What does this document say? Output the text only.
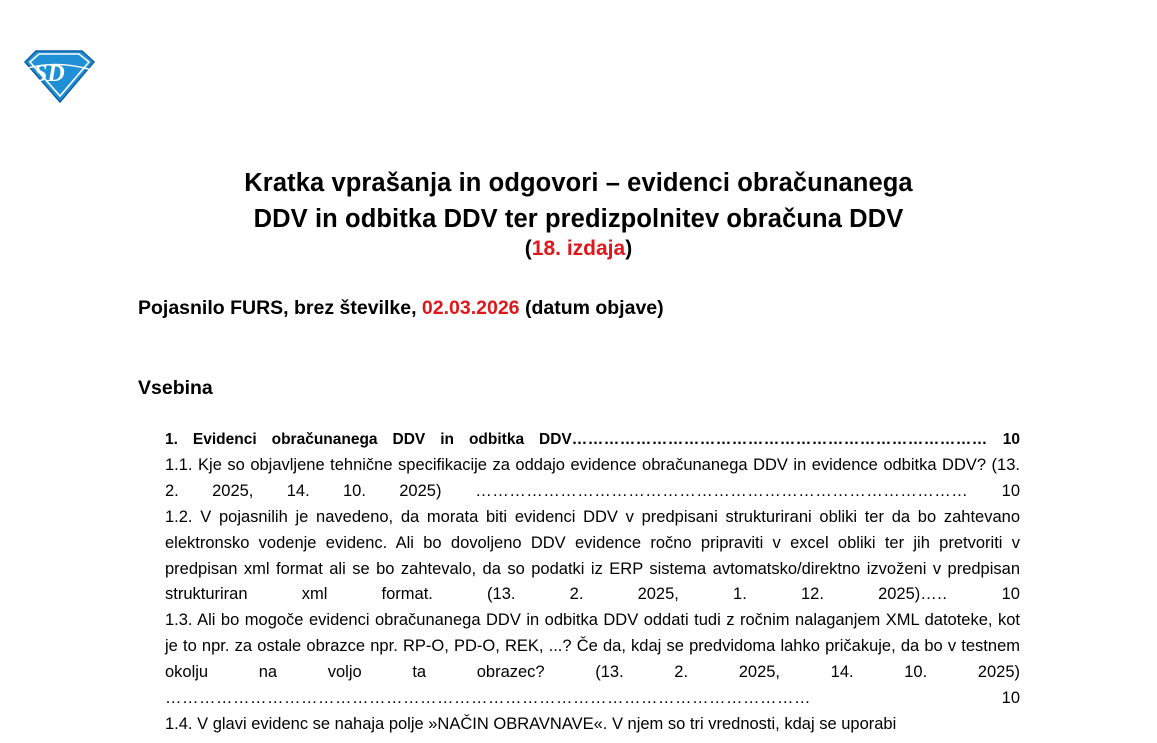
SD
Kratka vprašanja in odgovori – evidenci obračunanega
DDV in odbitka DDV ter predizpolnitev obračuna DDV
(18. izdaja)
Pojasnilo FURS, brez številke, 02.03.2026 (datum objave)
Vsebina

1. Evidenci obračunanega DDV in odbitka DDV…………………………………………………………………… 10

1.1. Kje so objavljene tehnične specifikacije za oddajo evidence obračunanega DDV in evidence odbitka DDV? (13. 2. 2025, 14. 10. 2025) …………………………………………………………………………… 10

1.2. V pojasnilih je navedeno, da morata biti evidenci DDV v predpisani strukturirani obliki ter da bo zahtevano elektronsko vodenje evidenc. Ali bo dovoljeno DDV evidence ročno pripraviti v excel obliki ter jih pretvoriti v predpisan xml format ali se bo zahtevalo, da so podatki iz ERP sistema avtomatsko/direktno izvoženi v predpisan strukturiran xml format. (13. 2. 2025, 1. 12. 2025)…..	10

1.3. Ali bo mogoče evidenci obračunanega DDV in odbitka DDV oddati tudi z ročnim nalaganjem XML datoteke, kot je to npr. za ostale obrazce npr. RP-O, PD-O, REK, ...? Če da, kdaj se predvidoma lahko pričakuje, da bo v testnem okolju na voljo ta obrazec? (13. 2. 2025, 14. 10. 2025) ……………………………………………………………………………………………………	10

1.4. V glavi evidenc se nahaja polje »NAČIN OBRAVNAVE«. V njem so tri vrednosti, kdaj se uporabi
